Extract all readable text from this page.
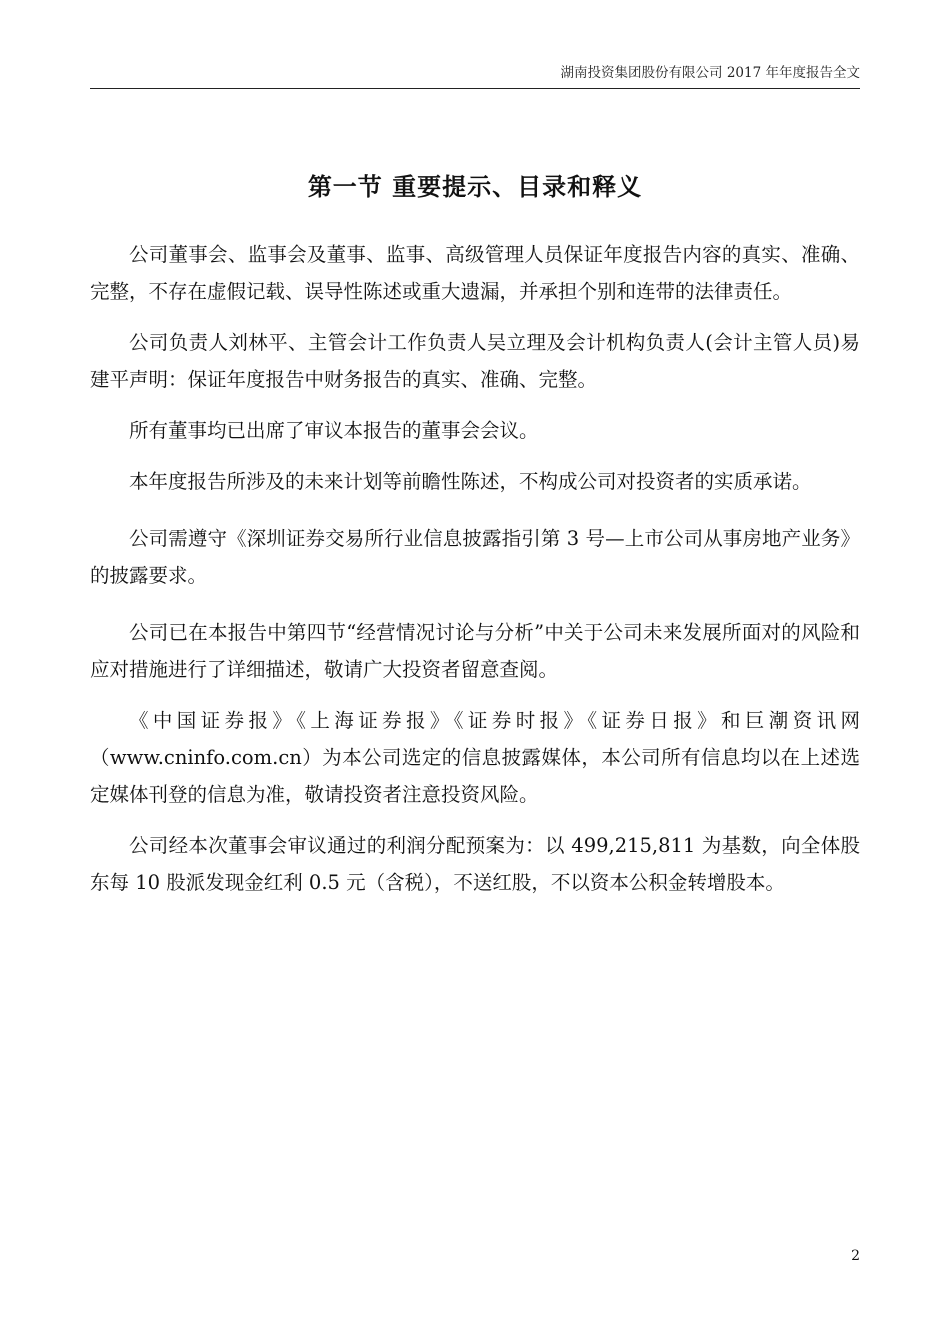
湖南投资集团股份有限公司 2017 年年度报告全文
第一节 重要提示、目录和释义

公司董事会、监事会及董事、监事、高级管理人员保证年度报告内容的真实、准确、完整，不存在虚假记载、误导性陈述或重大遗漏，并承担个别和连带的法律责任。

公司负责人刘林平、主管会计工作负责人吴立理及会计机构负责人(会计主管人员)易建平声明：保证年度报告中财务报告的真实、准确、完整。

所有董事均已出席了审议本报告的董事会会议。

本年度报告所涉及的未来计划等前瞻性陈述，不构成公司对投资者的实质承诺。

公司需遵守《深圳证券交易所行业信息披露指引第 3 号—上市公司从事房地产业务》的披露要求。

公司已在本报告中第四节“经营情况讨论与分析”中关于公司未来发展所面对的风险和应对措施进行了详细描述，敬请广大投资者留意查阅。

《中国证券报》《上海证券报》《证券时报》《证券日报》和巨潮资讯网（www.cninfo.com.cn）为本公司选定的信息披露媒体，本公司所有信息均以在上述选定媒体刊登的信息为准，敬请投资者注意投资风险。

公司经本次董事会审议通过的利润分配预案为：以 499,215,811 为基数，向全体股东每 10 股派发现金红利 0.5 元（含税），不送红股，不以资本公积金转增股本。

2
